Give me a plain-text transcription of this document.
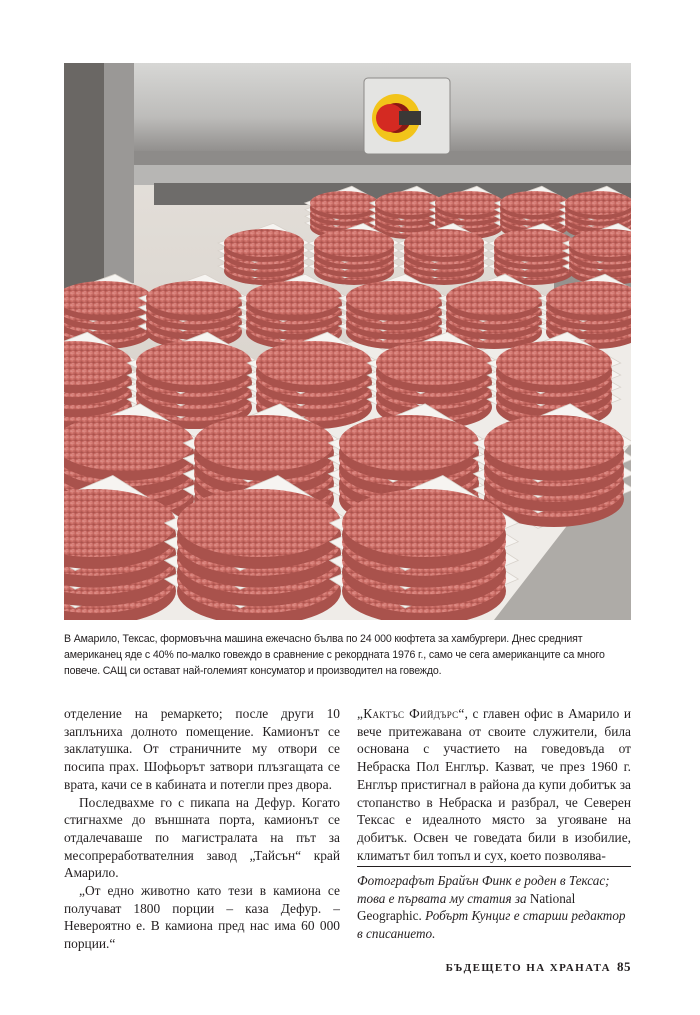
В Амарило, Тексас, формовъчна машина ежечасно бълва по 24 000 кюфтета за хамбургери. Днес средният американец яде с 40% по-малко говеждо в сравнение с рекордната 1976 г., само че сега американците са много повече. САЩ си остават най-големият консуматор и производител на говеждо.

отделение на ремаркето; после други 10 заплъниха долното помещение. Камионът се заклатушка. От страничните му отвори се посипа прах. Шофьорът затвори плъзгащата се врата, качи се в кабината и потегли през двора.

Последвахме го с пикапа на Дефур. Когато стигнахме до външната порта, камионът се отдалечаваше по магистралата на път за месопреработвателния завод „Тайсън“ край Амарило.

„От едно животно като тези в камиона се получават 1800 порции – каза Дефур. – Невероятно е. В камиона пред нас има 60 000 порции.“

„Кактъс Фийдърс“, с главен офис в Амарило и вече притежавана от своите служители, била основана с участието на говедовъда от Небраска Пол Енглър. Казват, че през 1960 г. Енглър пристигнал в района да купи добитък за стопанство в Небраска и разбрал, че Северен Тексас е идеалното място за угояване на добитък. Освен че говедата били в изобилие, климатът бил топъл и сух, което позволява-

Фотографът Брайън Финк е роден в Тексас; това е първата му статия за National Geographic. Робърт Кунциг е старши редактор в списанието.
БЪДЕЩЕТО НА ХРАНАТА 85
